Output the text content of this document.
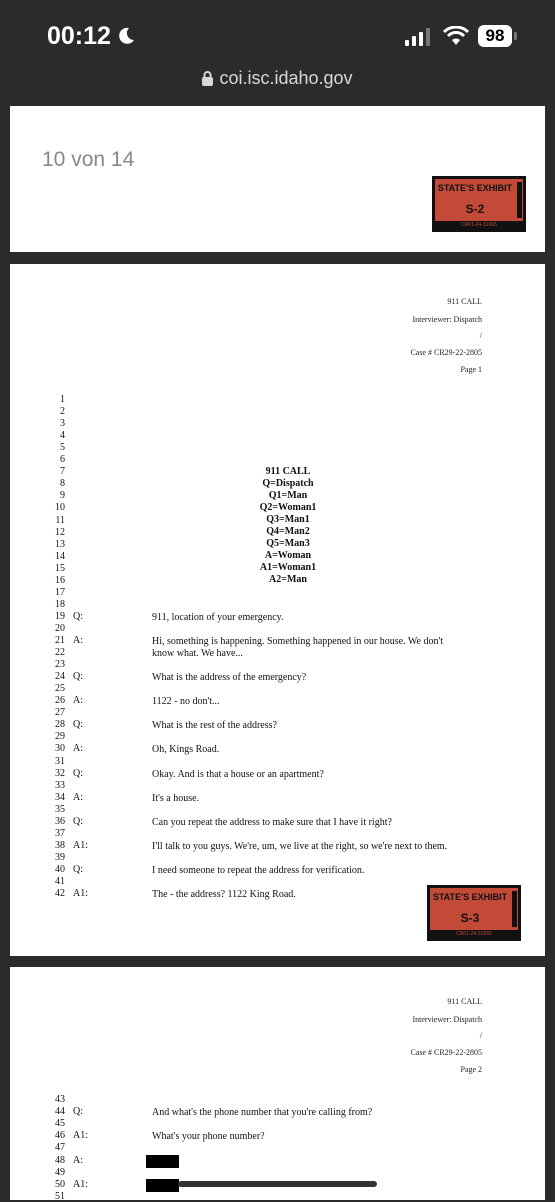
00:12	98
coi.isc.idaho.gov
10 von 14
STATE'S EXHIBIT
S-2
CR01-24-31665
911 CALL
Interviewer: Dispatch
/
Case # CR29-22-2805
Page 1
911 CALL
Q=Dispatch
Q1=Man
Q2=Woman1
Q3=Man1
Q4=Man2
Q5=Man3
A=Woman
A1=Woman1
A2=Man
1
2
3
4
5
6
7
8
9
10
11
12
13
14
15
16
17
18
19 Q:	911, location of your emergency.
20
21 A:	Hi, something is happening. Something happened in our house. We don't
22	know what. We have...
23
24 Q:	What is the address of the emergency?
25
26 A:	1122 - no don't...
27
28 Q:	What is the rest of the address?
29
30 A:	Oh, Kings Road.
31
32 Q:	Okay. And is that a house or an apartment?
33
34 A:	It's a house.
35
36 Q:	Can you repeat the address to make sure that I have it right?
37
38 A1:	I'll talk to you guys. We're, um, we live at the right, so we're next to them.
39
40 Q:	I need someone to repeat the address for verification.
41
42 A1:	The - the address? 1122 King Road.	STATE'S EXHIBIT
S-3
CR01-24-31665
911 CALL
Interviewer: Dispatch
/
Case # CR29-22-2805
Page 2
43
44 Q:	And what's the phone number that you're calling from?
45
46 A1:	What's your phone number?
47
48 A:
49
50 A1:
51
